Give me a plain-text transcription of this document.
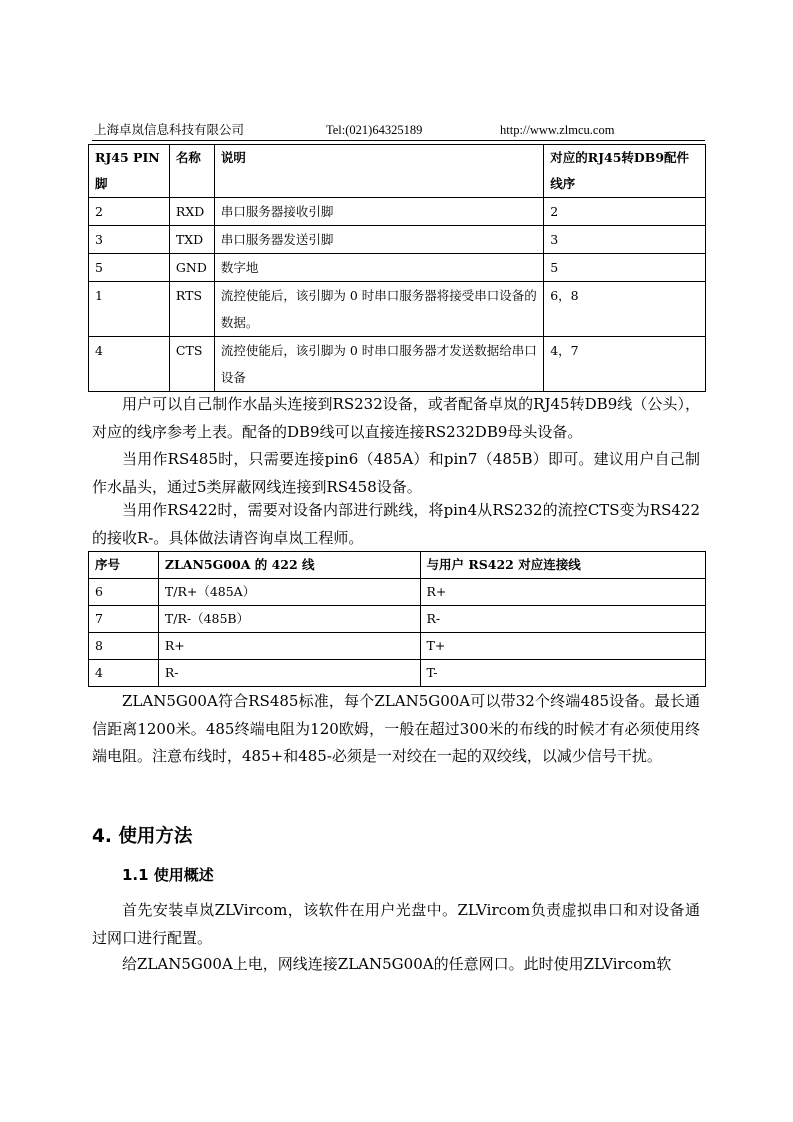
上海卓岚信息科技有限公司	Tel:(021)64325189	http://www.zlmcu.com
RJ45 PIN 脚	名称	说明	对应的RJ45转DB9配件线序
2	RXD	串口服务器接收引脚	2
3	TXD	串口服务器发送引脚	3
5	GND	数字地	5
1	RTS	流控使能后，该引脚为 0 时串口服务器将接受串口设备的数据。	6，8
4	CTS	流控使能后，该引脚为 0 时串口服务器才发送数据给串口设备	4，7

用户可以自己制作水晶头连接到RS232设备，或者配备卓岚的RJ45转DB9线（公头），对应的线序参考上表。配备的DB9线可以直接连接RS232DB9母头设备。

当用作RS485时，只需要连接pin6（485A）和pin7（485B）即可。建议用户自己制作水晶头，通过5类屏蔽网线连接到RS458设备。

当用作RS422时，需要对设备内部进行跳线，将pin4从RS232的流控CTS变为RS422的接收R-。具体做法请咨询卓岚工程师。

序号	ZLAN5G00A 的 422 线	与用户 RS422 对应连接线
6	T/R+（485A）	R+
7	T/R-（485B）	R-
8	R+	T+
4	R-	T-

ZLAN5G00A符合RS485标准，每个ZLAN5G00A可以带32个终端485设备。最长通信距离1200米。485终端电阻为120欧姆，一般在超过300米的布线的时候才有必须使用终端电阻。注意布线时，485+和485-必须是一对绞在一起的双绞线，以减少信号干扰。

4. 使用方法
1.1 使用概述

首先安装卓岚ZLVircom，该软件在用户光盘中。ZLVircom负责虚拟串口和对设备通过网口进行配置。

给ZLAN5G00A上电，网线连接ZLAN5G00A的任意网口。此时使用ZLVircom软
